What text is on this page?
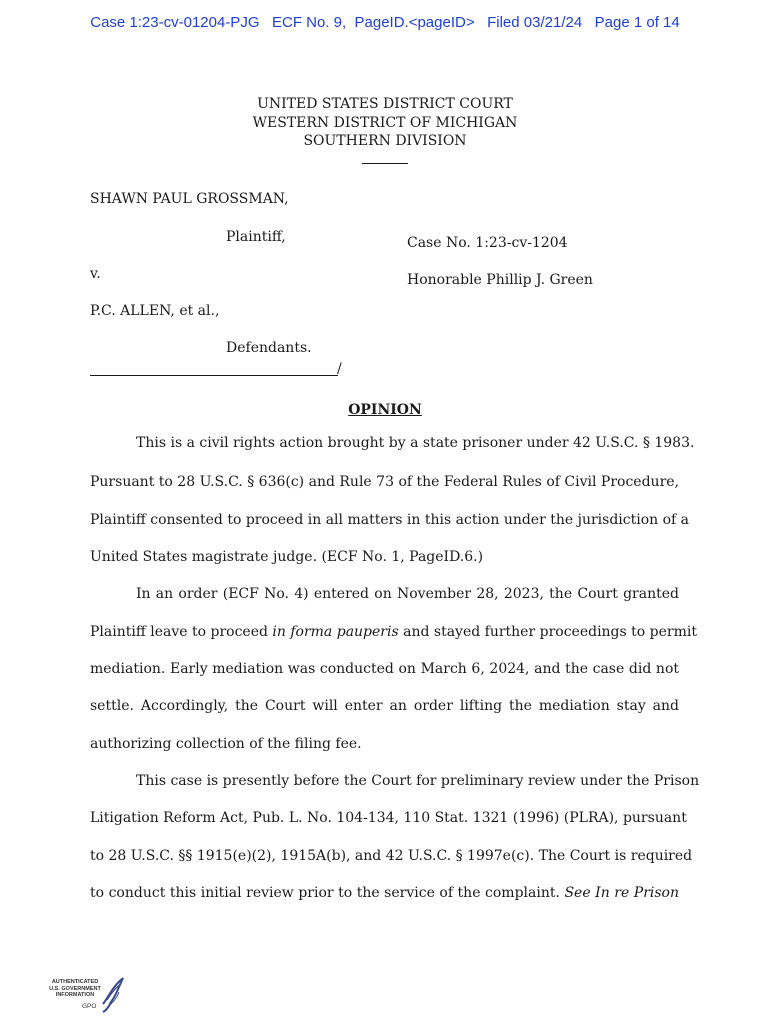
Case 1:23-cv-01204-PJG   ECF No. 9,  PageID.<pageID>   Filed 03/21/24   Page 1 of 14
UNITED STATES DISTRICT COURT
WESTERN DISTRICT OF MICHIGAN
SOUTHERN DIVISION
SHAWN PAUL GROSSMAN,
Plaintiff,	Case No. 1:23-cv-1204
v.	Honorable Phillip J. Green
P.C. ALLEN, et al.,
Defendants.
/
OPINION
This is a civil rights action brought by a state prisoner under 42 U.S.C. § 1983.
Pursuant to 28 U.S.C. § 636(c) and Rule 73 of the Federal Rules of Civil Procedure,
Plaintiff consented to proceed in all matters in this action under the jurisdiction of a
United States magistrate judge. (ECF No. 1, PageID.6.)
In an order (ECF No. 4) entered on November 28, 2023, the Court granted
Plaintiff leave to proceed in forma pauperis and stayed further proceedings to permit
mediation. Early mediation was conducted on March 6, 2024, and the case did not
settle. Accordingly, the Court will enter an order lifting the mediation stay and
authorizing collection of the filing fee.
This case is presently before the Court for preliminary review under the Prison
Litigation Reform Act, Pub. L. No. 104-134, 110 Stat. 1321 (1996) (PLRA), pursuant
to 28 U.S.C. §§ 1915(e)(2), 1915A(b), and 42 U.S.C. § 1997e(c). The Court is required
to conduct this initial review prior to the service of the complaint. See In re Prison
AUTHENTICATED
U.S. GOVERNMENT
INFORMATION
GPO
